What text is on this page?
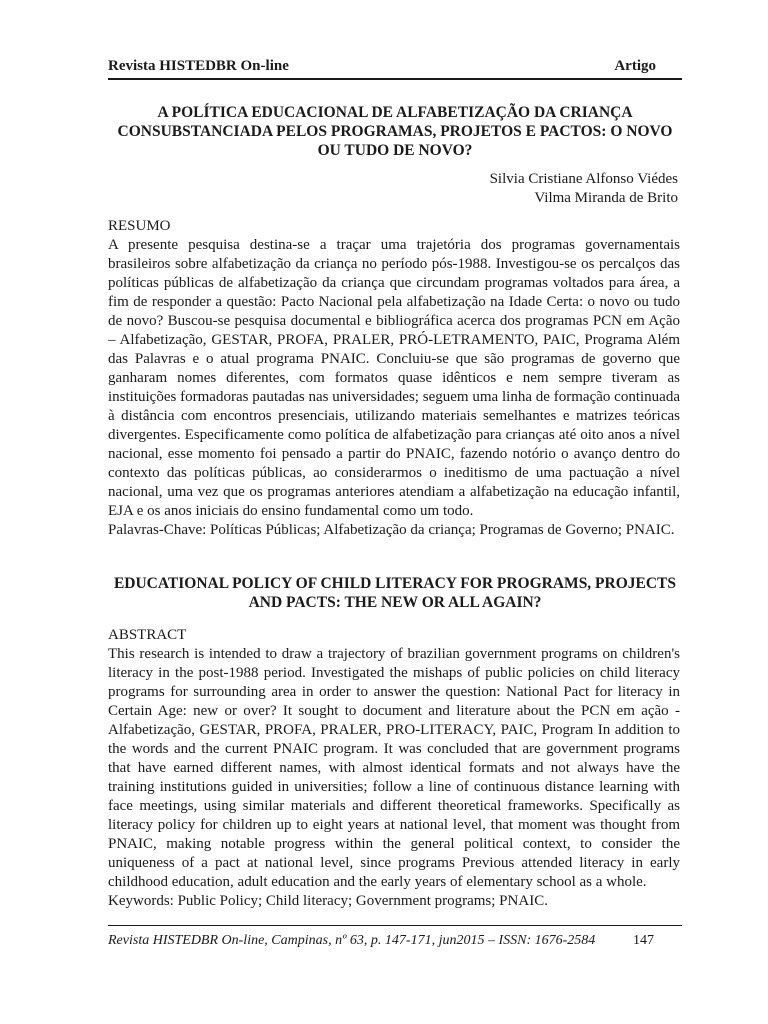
Revista HISTEDBR On-line	Artigo
A POLÍTICA EDUCACIONAL DE ALFABETIZAÇÃO DA CRIANÇA CONSUBSTANCIADA PELOS PROGRAMAS, PROJETOS E PACTOS: O NOVO OU TUDO DE NOVO?
Silvia Cristiane Alfonso Viédes
Vilma Miranda de Brito

RESUMO

A presente pesquisa destina-se a traçar uma trajetória dos programas governamentais brasileiros sobre alfabetização da criança no período pós-1988. Investigou-se os percalços das políticas públicas de alfabetização da criança que circundam programas voltados para área, a fim de responder a questão: Pacto Nacional pela alfabetização na Idade Certa: o novo ou tudo de novo? Buscou-se pesquisa documental e bibliográfica acerca dos programas PCN em Ação – Alfabetização, GESTAR, PROFA, PRALER, PRÓ-LETRAMENTO, PAIC, Programa Além das Palavras e o atual programa PNAIC. Concluiu-se que são programas de governo que ganharam nomes diferentes, com formatos quase idênticos e nem sempre tiveram as instituições formadoras pautadas nas universidades; seguem uma linha de formação continuada à distância com encontros presenciais, utilizando materiais semelhantes e matrizes teóricas divergentes. Especificamente como política de alfabetização para crianças até oito anos a nível nacional, esse momento foi pensado a partir do PNAIC, fazendo notório o avanço dentro do contexto das políticas públicas, ao considerarmos o ineditismo de uma pactuação a nível nacional, uma vez que os programas anteriores atendiam a alfabetização na educação infantil, EJA e os anos iniciais do ensino fundamental como um todo.

Palavras-Chave: Políticas Públicas; Alfabetização da criança; Programas de Governo; PNAIC.

EDUCATIONAL POLICY OF CHILD LITERACY FOR PROGRAMS, PROJECTS AND PACTS: THE NEW OR ALL AGAIN?

ABSTRACT

This research is intended to draw a trajectory of brazilian government programs on children's literacy in the post-1988 period. Investigated the mishaps of public policies on child literacy programs for surrounding area in order to answer the question: National Pact for literacy in Certain Age: new or over? It sought to document and literature about the PCN em ação - Alfabetização, GESTAR, PROFA, PRALER, PRO-LITERACY, PAIC, Program In addition to the words and the current PNAIC program. It was concluded that are government programs that have earned different names, with almost identical formats and not always have the training institutions guided in universities; follow a line of continuous distance learning with face meetings, using similar materials and different theoretical frameworks. Specifically as literacy policy for children up to eight years at national level, that moment was thought from PNAIC, making notable progress within the general political context, to consider the uniqueness of a pact at national level, since programs Previous attended literacy in early childhood education, adult education and the early years of elementary school as a whole.

Keywords: Public Policy; Child literacy; Government programs; PNAIC.

Revista HISTEDBR On-line, Campinas, nº 63, p. 147-171, jun2015 – ISSN: 1676-2584	147
